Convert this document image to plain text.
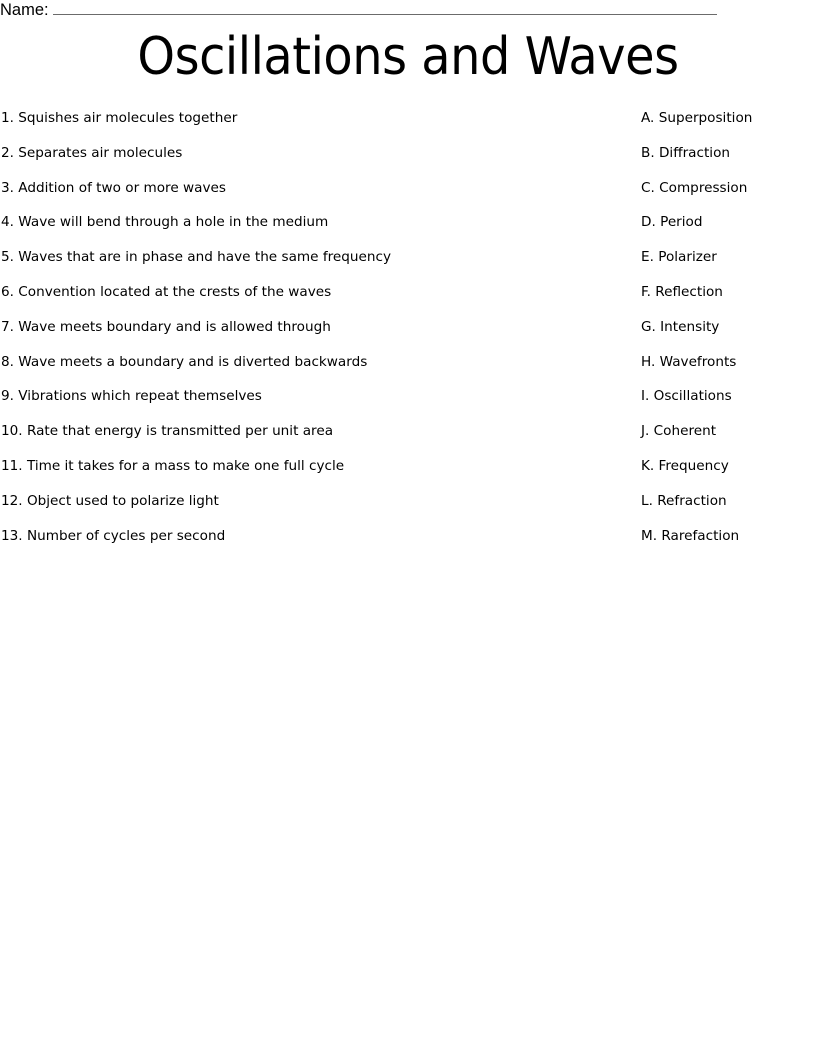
Name:
Oscillations and Waves
1. Squishes air molecules together	A. Superposition
2. Separates air molecules	B. Diffraction
3. Addition of two or more waves	C. Compression
4. Wave will bend through a hole in the medium	D. Period
5. Waves that are in phase and have the same frequency	E. Polarizer
6. Convention located at the crests of the waves	F. Reflection
7. Wave meets boundary and is allowed through	G. Intensity
8. Wave meets a boundary and is diverted backwards	H. Wavefronts
9. Vibrations which repeat themselves	I. Oscillations
10. Rate that energy is transmitted per unit area	J. Coherent
11. Time it takes for a mass to make one full cycle	K. Frequency
12. Object used to polarize light	L. Refraction
13. Number of cycles per second	M. Rarefaction
